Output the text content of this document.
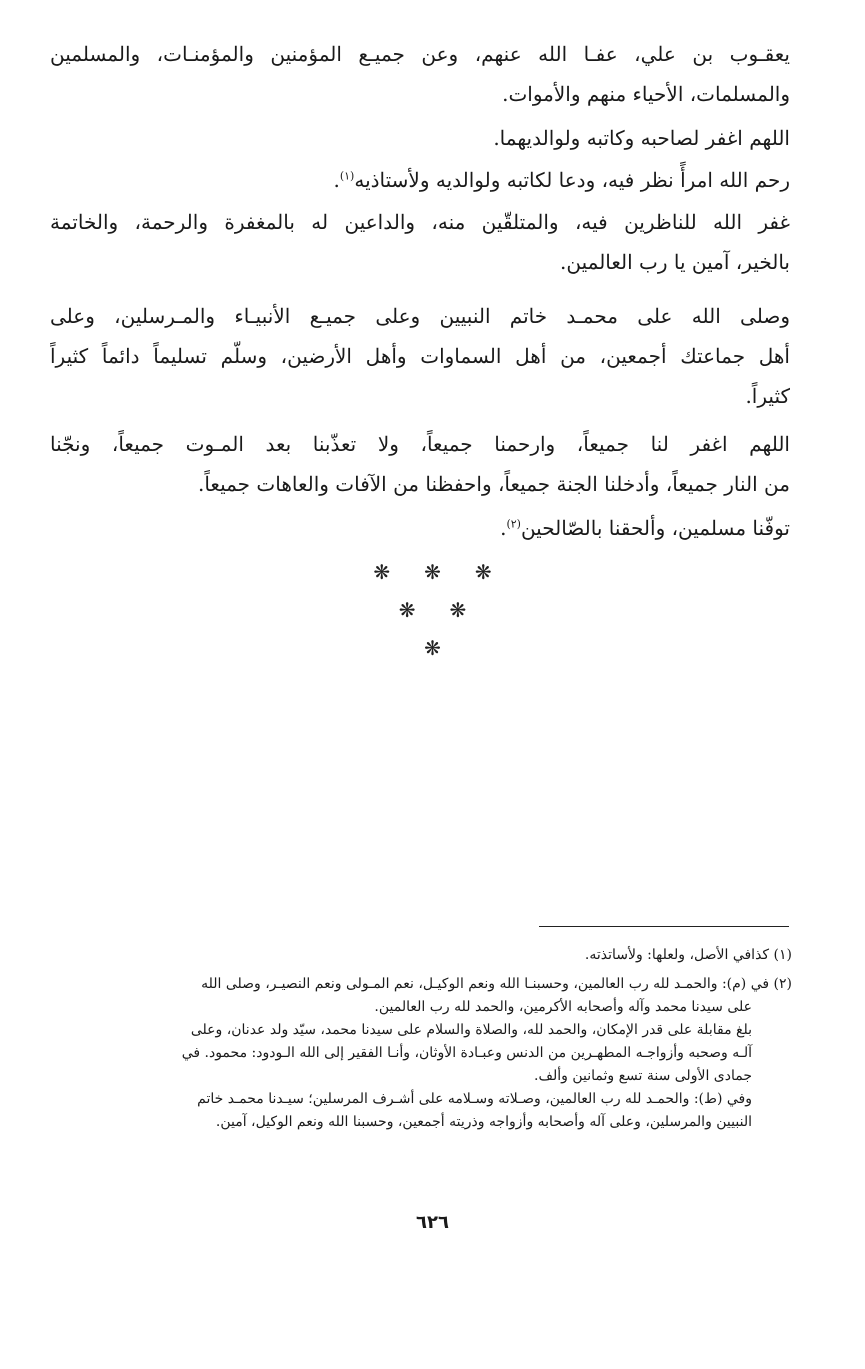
يعقـوب بن علي، عفـا الله عنهم، وعن جميـع المؤمنين والمؤمنـات، والمسلمين
والمسلمات، الأحياء منهم والأموات.
اللهم اغفر لصاحبه وكاتبه ولوالديهما.
رحم الله امرأً نظر فيه، ودعا لكاتبه ولوالديه ولأستاذيه$^{(١)}$.
غفر الله للناظرين فيه، والمتلقّين منه، والداعين له بالمغفرة والرحمة، والخاتمة
بالخير، آمين يا رب العالمين.
وصلى الله على محمـد خاتم النبيين وعلى جميـع الأنبيـاء والمـرسلين، وعلى
أهل جماعتك أجمعين، من أهل السماوات وأهل الأرضين، وسلّم تسليماً دائماً كثيراً
كثيراً.
اللهم اغفر لنا جميعاً، وارحمنا جميعاً، ولا تعذّبنا بعد المـوت جميعاً، ونجّنا
من النار جميعاً، وأدخلنا الجنة جميعاً، واحفظنا من الآفات والعاهات جميعاً.
توفّنا مسلمين، وألحقنا بالصّالحين$^{(٢)}$.
❋ ❋ ❋
❋ ❋
❋
(١) كذافي الأصل، ولعلها: ولأساتذته.
(٢) في (م): والحمـد لله رب العالمين، وحسبنـا الله ونعم الوكيـل، نعم المـولى ونعم النصيـر، وصلى الله
على سيدنا محمد وآله وأصحابه الأكرمين، والحمد لله رب العالمين.
بلغ مقابلة على قدر الإمكان، والحمد لله، والصلاة والسلام على سيدنا محمد، سيّد ولد عدنان، وعلى
آلـه وصحبه وأزواجـه المطهـرين من الدنس وعبـادة الأوثان، وأنـا الفقير إلى الله الـودود: محمود. في
جمادى الأولى سنة تسع وثمانين وألف.
وفي (ط): والحمـد لله رب العالمين، وصـلاته وسـلامه على أشـرف المرسلين؛ سيـدنا محمـد خاتم
النبيين والمرسلين، وعلى آله وأصحابه وأزواجه وذريته أجمعين، وحسبنا الله ونعم الوكيل، آمين.
٦٢٦
